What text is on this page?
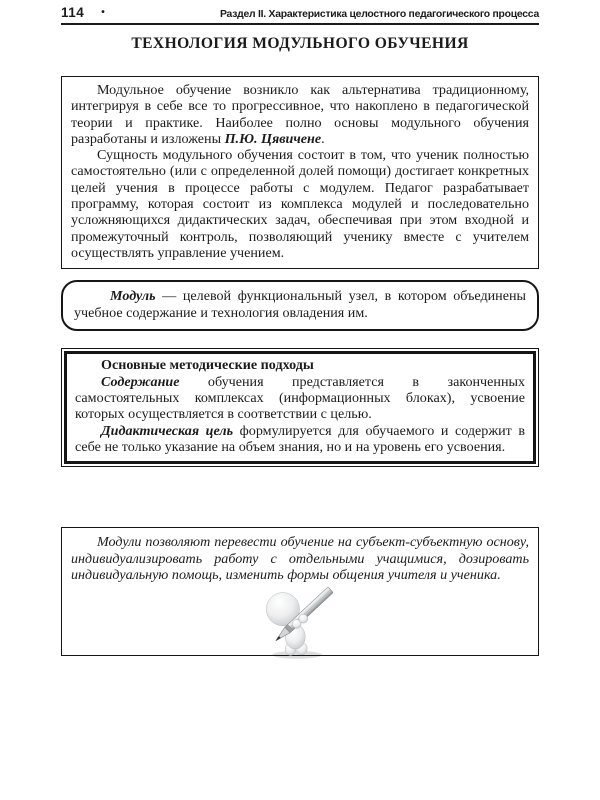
114 •	Раздел II. Характеристика целостного педагогического процесса
ТЕХНОЛОГИЯ МОДУЛЬНОГО ОБУЧЕНИЯ

Модульное обучение возникло как альтернатива традиционному, интегрируя в себе все то прогрессивное, что накоплено в педагогической теории и практике. Наиболее полно основы модульного обучения разработаны и изложены П.Ю. Цявичене.

Сущность модульного обучения состоит в том, что ученик полностью самостоятельно (или с определенной долей помощи) достигает конкретных целей учения в процессе работы с модулем. Педагог разрабатывает программу, которая состоит из комплекса модулей и последовательно усложняющихся дидактических задач, обеспечивая при этом входной и промежуточный контроль, позволяющий ученику вместе с учителем осуществлять управление учением.

Модуль — целевой функциональный узел, в котором объединены учебное содержание и технология овладения им.

Основные методические подходы

Содержание обучения представляется в законченных самостоятельных комплексах (информационных блоках), усвоение которых осуществляется в соответствии с целью.

Дидактическая цель формулируется для обучаемого и содержит в себе не только указание на объем знания, но и на уровень его усвоения.

Модули позволяют перевести обучение на субъект-субъектную основу, индивидуализировать работу с отдельными учащимися, дозировать индивидуальную помощь, изменить формы общения учителя и ученика.
